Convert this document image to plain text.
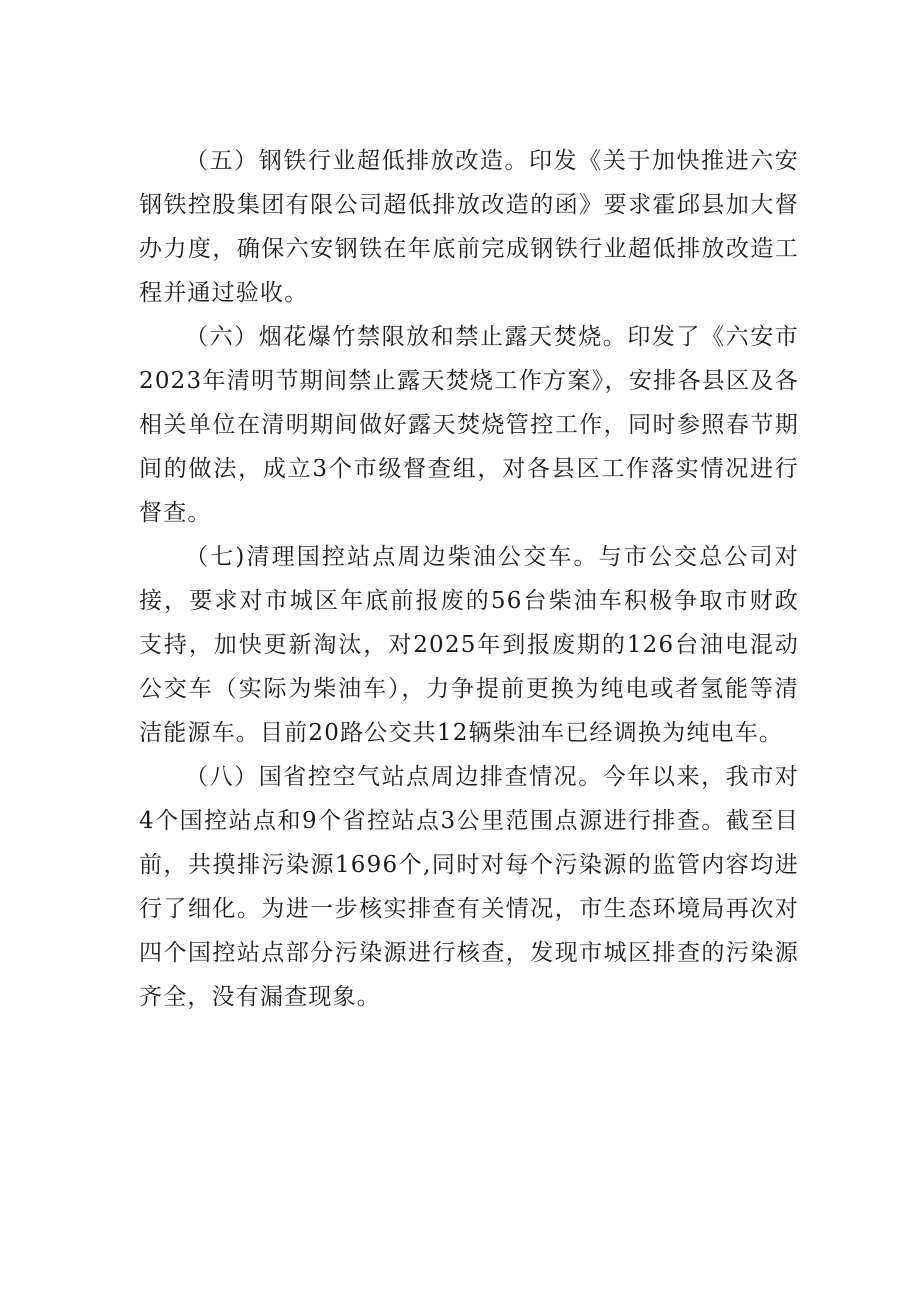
（五）钢铁行业超低排放改造。印发《关于加快推进六安钢铁控股集团有限公司超低排放改造的函》要求霍邱县加大督办力度，确保六安钢铁在年底前完成钢铁行业超低排放改造工程并通过验收。

（六）烟花爆竹禁限放和禁止露天焚烧。印发了《六安市2023年清明节期间禁止露天焚烧工作方案》，安排各县区及各相关单位在清明期间做好露天焚烧管控工作，同时参照春节期间的做法，成立3个市级督查组，对各县区工作落实情况进行督查。

（七)清理国控站点周边柴油公交车。与市公交总公司对接，要求对市城区年底前报废的56台柴油车积极争取市财政支持，加快更新淘汰，对2025年到报废期的126台油电混动公交车（实际为柴油车），力争提前更换为纯电或者氢能等清洁能源车。目前20路公交共12辆柴油车已经调换为纯电车。

（八）国省控空气站点周边排查情况。今年以来，我市对4个国控站点和9个省控站点3公里范围点源进行排查。截至目前，共摸排污染源1696个,同时对每个污染源的监管内容均进行了细化。为进一步核实排查有关情况，市生态环境局再次对四个国控站点部分污染源进行核查，发现市城区排查的污染源齐全，没有漏查现象。
